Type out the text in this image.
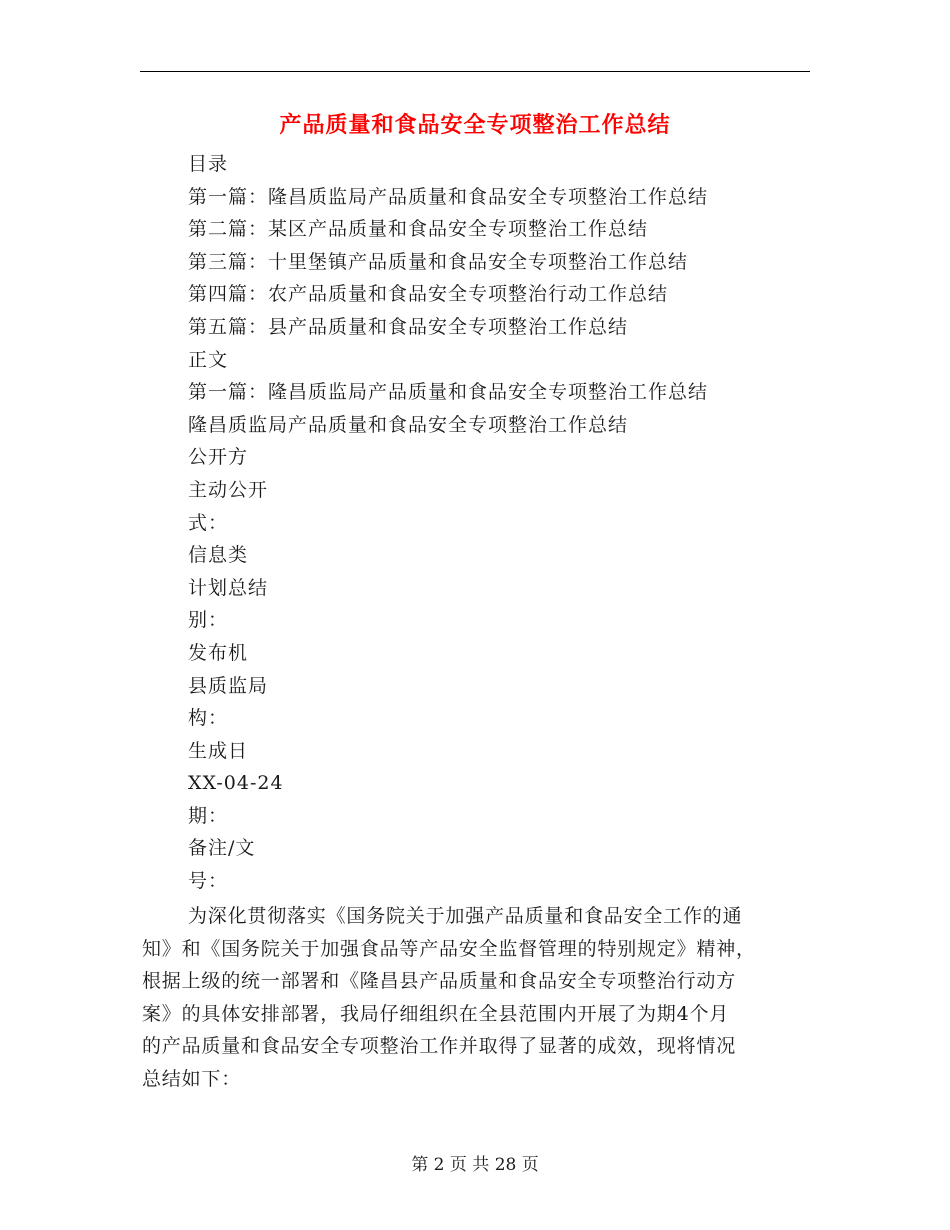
产品质量和食品安全专项整治工作总结
目录
第一篇：隆昌质监局产品质量和食品安全专项整治工作总结
第二篇：某区产品质量和食品安全专项整治工作总结
第三篇：十里堡镇产品质量和食品安全专项整治工作总结
第四篇：农产品质量和食品安全专项整治行动工作总结
第五篇：县产品质量和食品安全专项整治工作总结
正文
第一篇：隆昌质监局产品质量和食品安全专项整治工作总结
隆昌质监局产品质量和食品安全专项整治工作总结
公开方
主动公开
式：
信息类
计划总结
别：
发布机
县质监局
构：
生成日
XX-04-24
期：
备注/文
号：

为深化贯彻落实《国务院关于加强产品质量和食品安全工作的通
知》和《国务院关于加强食品等产品安全监督管理的特别规定》精神，
根据上级的统一部署和《隆昌县产品质量和食品安全专项整治行动方
案》的具体安排部署，我局仔细组织在全县范围内开展了为期4个月
的产品质量和食品安全专项整治工作并取得了显著的成效，现将情况
总结如下：

第 2 页 共 28 页
